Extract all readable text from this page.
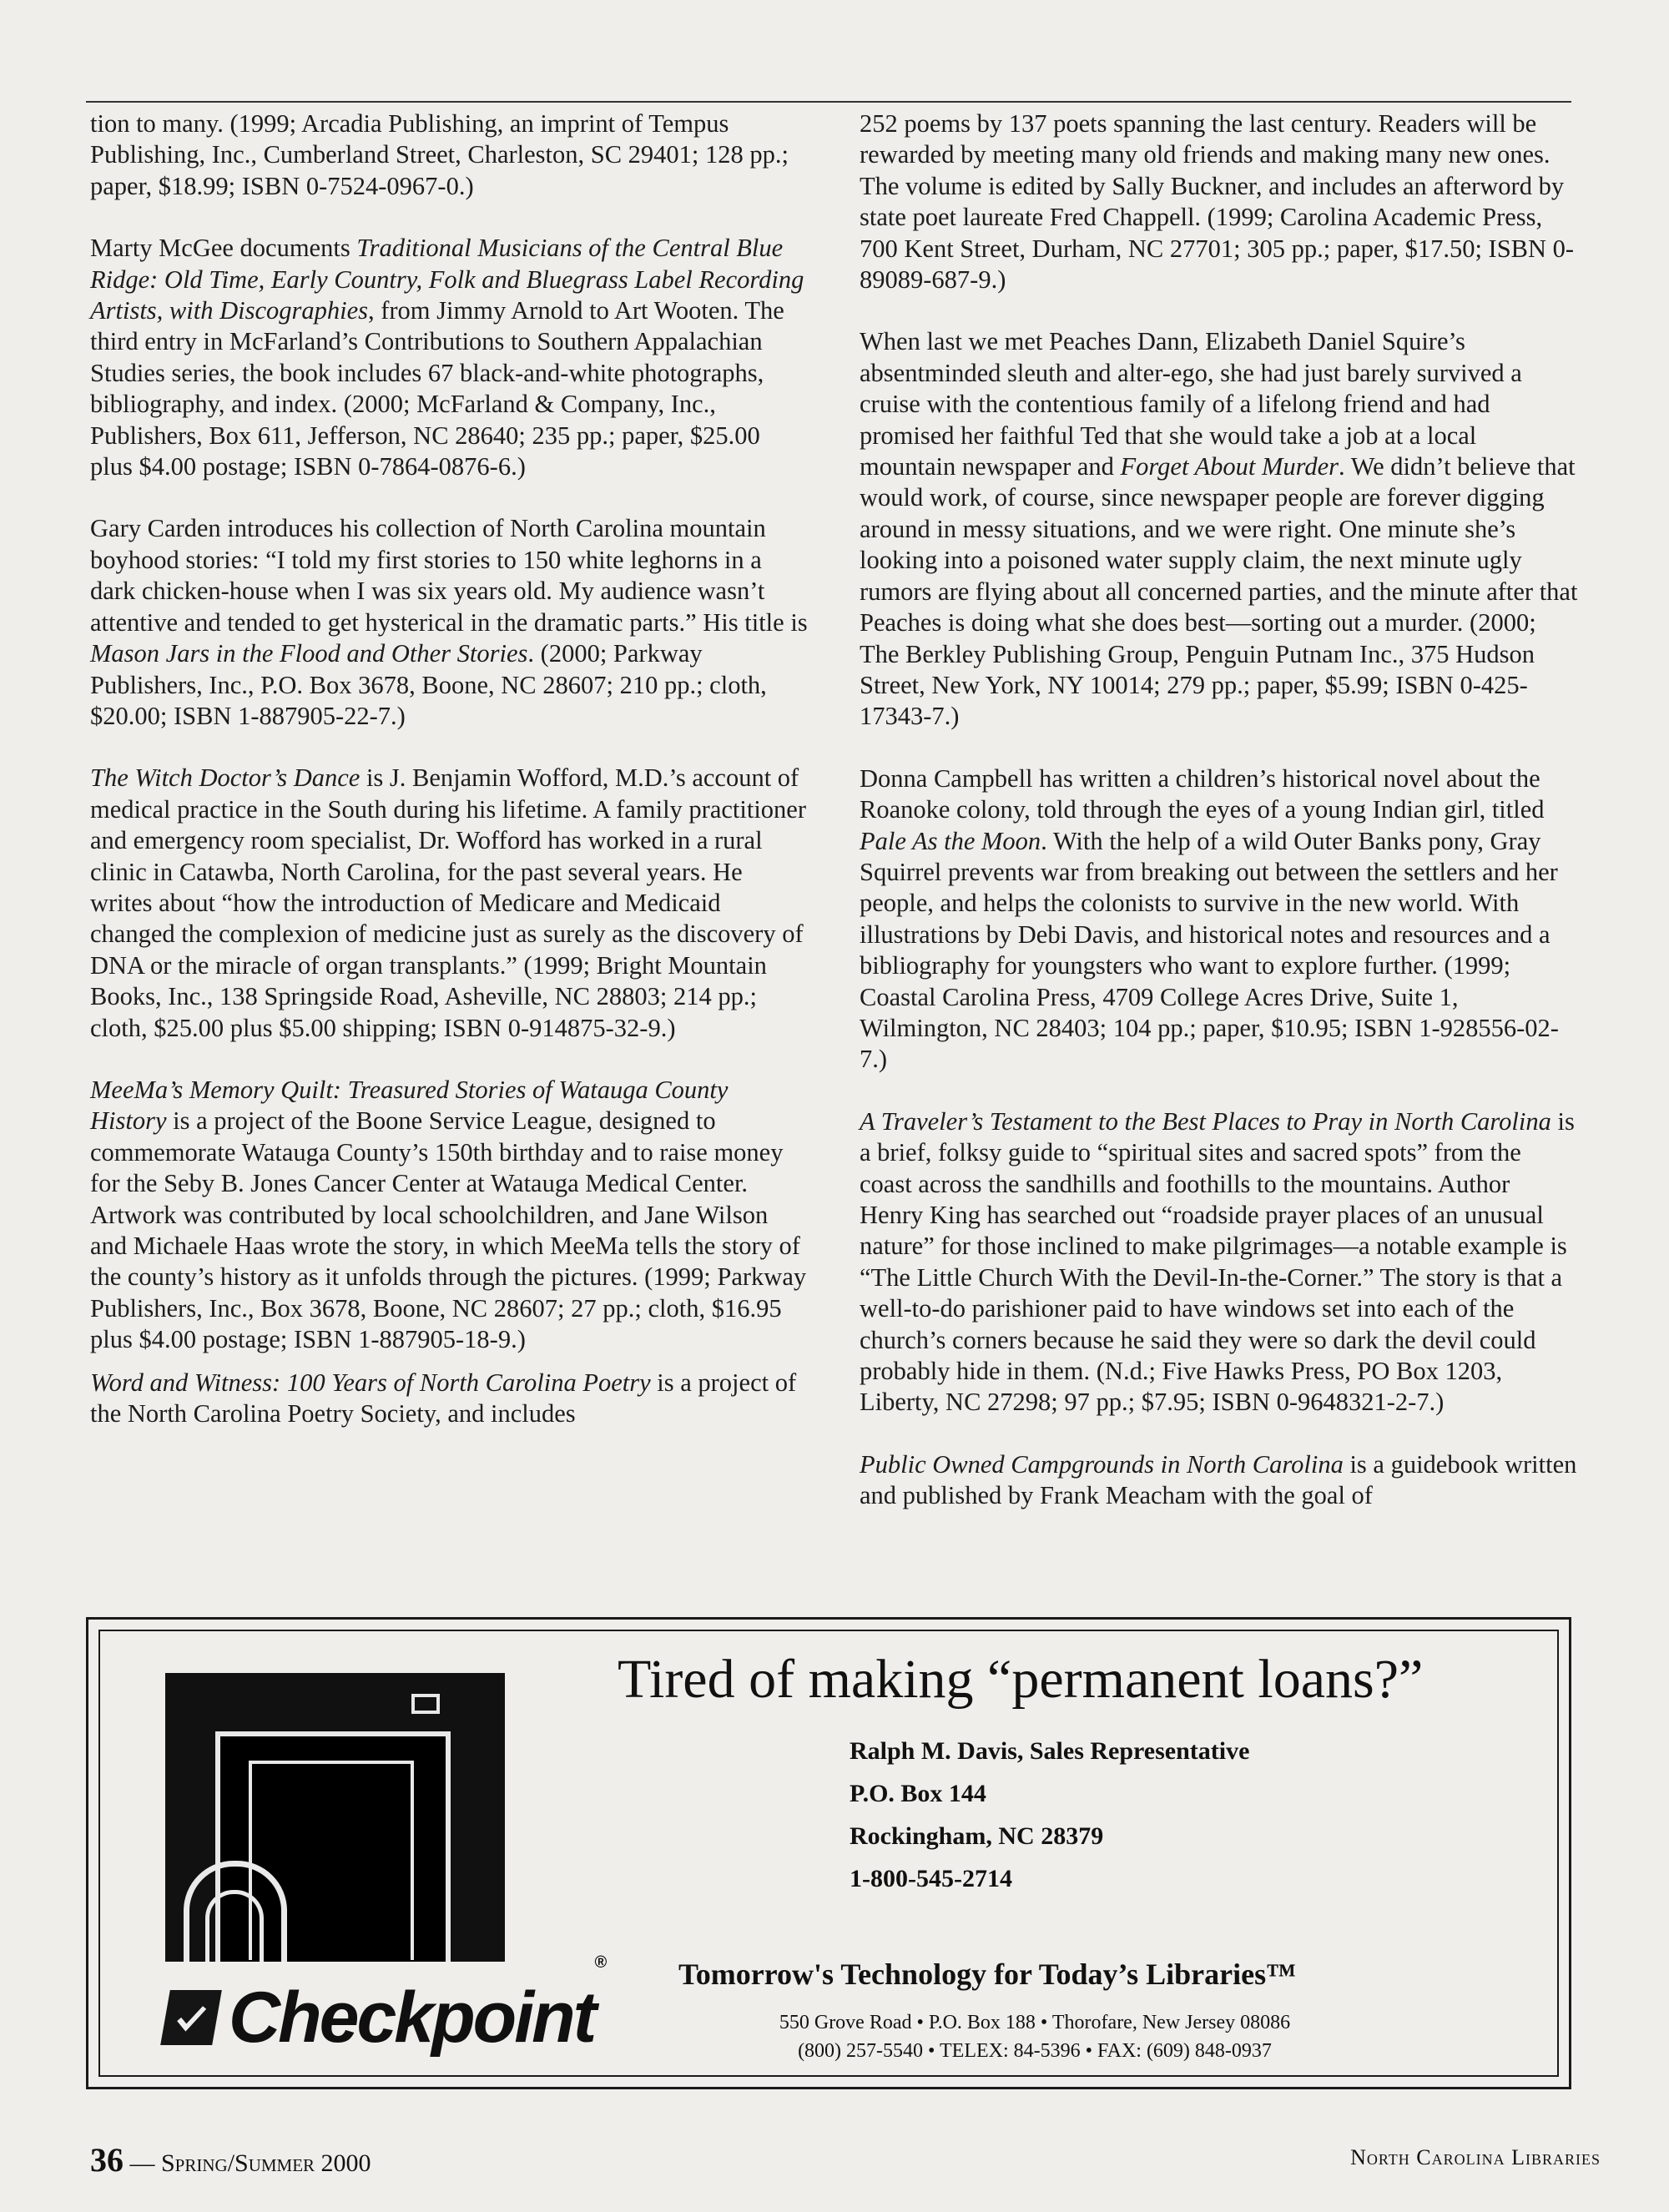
tion to many. (1999; Arcadia Publishing, an imprint of Tempus Publishing, Inc., Cumberland Street, Charleston, SC 29401; 128 pp.; paper, $18.99; ISBN 0-7524-0967-0.)

Marty McGee documents Traditional Musicians of the Central Blue Ridge: Old Time, Early Country, Folk and Bluegrass Label Recording Artists, with Discographies, from Jimmy Arnold to Art Wooten. The third entry in McFarland’s Contributions to Southern Appalachian Studies series, the book includes 67 black-and-white photographs, bibliography, and index. (2000; McFarland & Company, Inc., Publishers, Box 611, Jefferson, NC 28640; 235 pp.; paper, $25.00 plus $4.00 postage; ISBN 0-7864-0876-6.)

Gary Carden introduces his collection of North Carolina mountain boyhood stories: “I told my first stories to 150 white leghorns in a dark chicken-house when I was six years old. My audience wasn’t attentive and tended to get hysterical in the dramatic parts.” His title is Mason Jars in the Flood and Other Stories. (2000; Parkway Publishers, Inc., P.O. Box 3678, Boone, NC 28607; 210 pp.; cloth, $20.00; ISBN 1-887905-22-7.)

The Witch Doctor’s Dance is J. Benjamin Wofford, M.D.’s account of medical practice in the South during his lifetime. A family practitioner and emergency room specialist, Dr. Wofford has worked in a rural clinic in Catawba, North Carolina, for the past several years. He writes about “how the introduction of Medicare and Medicaid changed the complexion of medicine just as surely as the discovery of DNA or the miracle of organ transplants.” (1999; Bright Mountain Books, Inc., 138 Springside Road, Asheville, NC 28803; 214 pp.; cloth, $25.00 plus $5.00 shipping; ISBN 0-914875-32-9.)

MeeMa’s Memory Quilt: Treasured Stories of Watauga County History is a project of the Boone Service League, designed to commemorate Watauga County’s 150th birthday and to raise money for the Seby B. Jones Cancer Center at Watauga Medical Center. Artwork was contributed by local schoolchildren, and Jane Wilson and Michaele Haas wrote the story, in which MeeMa tells the story of the county’s history as it unfolds through the pictures. (1999; Parkway Publishers, Inc., Box 3678, Boone, NC 28607; 27 pp.; cloth, $16.95 plus $4.00 postage; ISBN 1-887905-18-9.)

Word and Witness: 100 Years of North Carolina Poetry is a project of the North Carolina Poetry Society, and includes

252 poems by 137 poets spanning the last century. Readers will be rewarded by meeting many old friends and making many new ones. The volume is edited by Sally Buckner, and includes an afterword by state poet laureate Fred Chappell. (1999; Carolina Academic Press, 700 Kent Street, Durham, NC 27701; 305 pp.; paper, $17.50; ISBN 0-89089-687-9.)

When last we met Peaches Dann, Elizabeth Daniel Squire’s absentminded sleuth and alter-ego, she had just barely survived a cruise with the contentious family of a lifelong friend and had promised her faithful Ted that she would take a job at a local mountain newspaper and Forget About Murder. We didn’t believe that would work, of course, since newspaper people are forever digging around in messy situations, and we were right. One minute she’s looking into a poisoned water supply claim, the next minute ugly rumors are flying about all concerned parties, and the minute after that Peaches is doing what she does best—sorting out a murder. (2000; The Berkley Publishing Group, Penguin Putnam Inc., 375 Hudson Street, New York, NY 10014; 279 pp.; paper, $5.99; ISBN 0-425-17343-7.)

Donna Campbell has written a children’s historical novel about the Roanoke colony, told through the eyes of a young Indian girl, titled Pale As the Moon. With the help of a wild Outer Banks pony, Gray Squirrel prevents war from breaking out between the settlers and her people, and helps the colonists to survive in the new world. With illustrations by Debi Davis, and historical notes and resources and a bibliography for youngsters who want to explore further. (1999; Coastal Carolina Press, 4709 College Acres Drive, Suite 1, Wilmington, NC 28403; 104 pp.; paper, $10.95; ISBN 1-928556-02-7.)

A Traveler’s Testament to the Best Places to Pray in North Carolina is a brief, folksy guide to “spiritual sites and sacred spots” from the coast across the sandhills and foothills to the mountains. Author Henry King has searched out “roadside prayer places of an unusual nature” for those inclined to make pilgrimages—a notable example is “The Little Church With the Devil-In-the-Corner.” The story is that a well-to-do parishioner paid to have windows set into each of the church’s corners because he said they were so dark the devil could probably hide in them. (N.d.; Five Hawks Press, PO Box 1203, Liberty, NC 27298; 97 pp.; $7.95; ISBN 0-9648321-2-7.)

Public Owned Campgrounds in North Carolina is a guidebook written and published by Frank Meacham with the goal of

Checkpoint®
Tired of making “permanent loans?”
Ralph M. Davis, Sales Representative
P.O. Box 144
Rockingham, NC 28379
1-800-545-2714
Tomorrow's Technology for Today’s Libraries™
550 Grove Road • P.O. Box 188 • Thorofare, New Jersey 08086
(800) 257-5540 • TELEX: 84-5396 • FAX: (609) 848-0937
36 — Spring/Summer 2000	North Carolina Libraries
